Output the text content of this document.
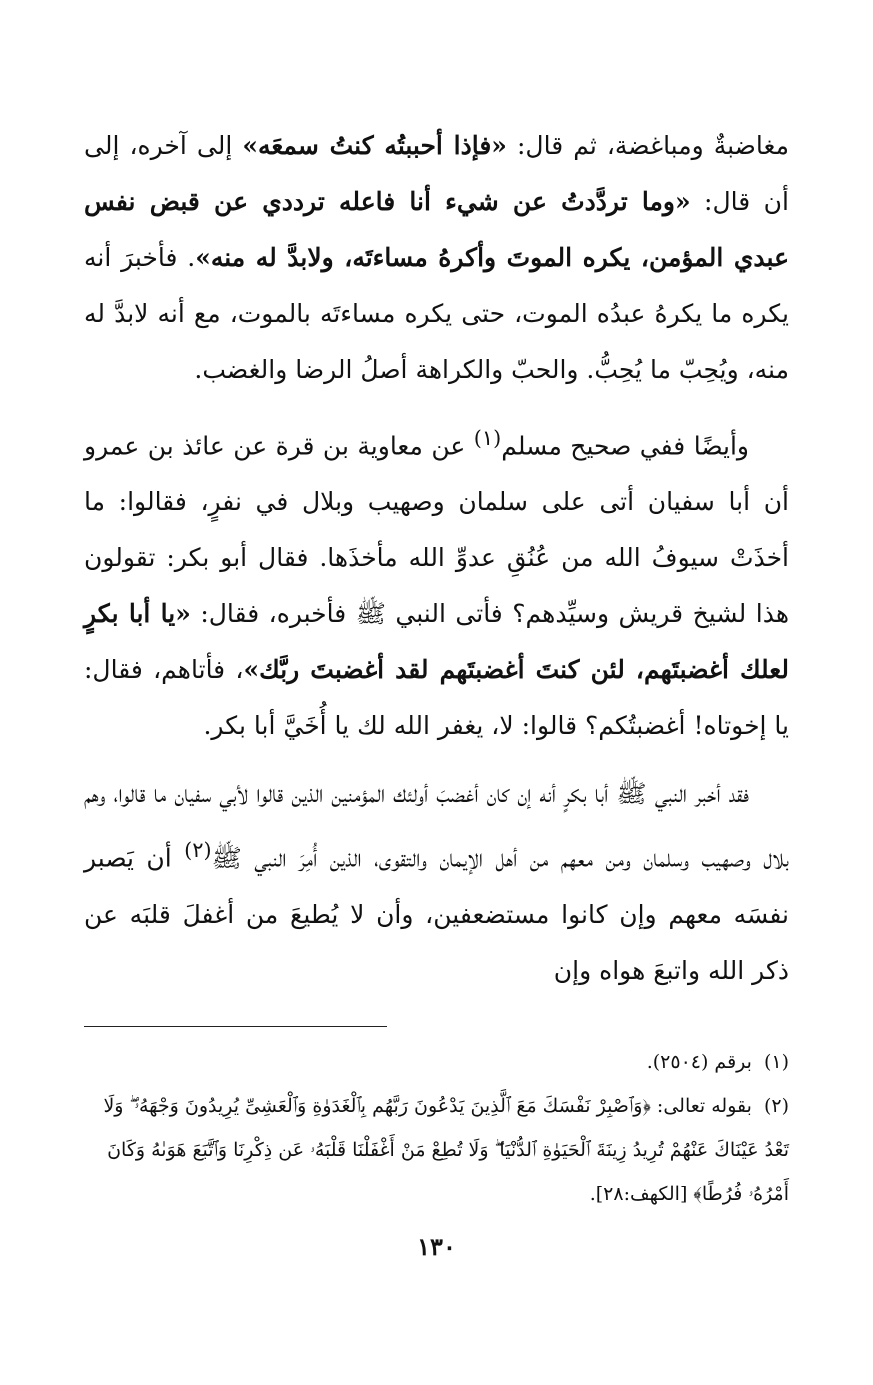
مغاضبةٌ ومباغضة، ثم قال: «فإذا أحببتُه كنتُ سمعَه» إلى آخره، إلى أن قال: «وما تردَّدتُ عن شيء أنا فاعله ترددي عن قبض نفس عبدي المؤمن، يكره الموتَ وأكرهُ مساءتَه، ولابدَّ له منه». فأخبرَ أنه يكره ما يكرهُ عبدُه الموت، حتى يكره مساءتَه بالموت، مع أنه لابدَّ له منه، ويُحِبّ ما يُحِبُّ. والحبّ والكراهة أصلُ الرضا والغضب.

وأيضًا ففي صحيح مسلم$^{(١)}$ عن معاوية بن قرة عن عائذ بن عمرو أن أبا سفيان أتى على سلمان وصهيب وبلال في نفرٍ، فقالوا: ما أخذَتْ سيوفُ الله من عُنُقِ عدوِّ الله مأخذَها. فقال أبو بكر: تقولون هذا لشيخ قريش وسيِّدهم؟ فأتى النبي ﷺ فأخبره، فقال: «يا أبا بكرٍ لعلك أغضبتَهم، لئن كنتَ أغضبتَهم لقد أغضبتَ ربَّك»، فأتاهم، فقال: يا إخوتاه! أغضبتُكم؟ قالوا: لا، يغفر الله لك يا أُخَيَّ أبا بكر.

فقد أخبر النبي ﷺ أبا بكرٍ أنه إن كان أغضبَ أولئك المؤمنين الذين قالوا لأبي سفيان ما قالوا، وهم بلال وصهيب وسلمان ومن معهم من أهل الإيمان والتقوى، الذين أُمِرَ النبي ﷺ$^{(٢)}$ أن يَصبر نفسَه معهم وإن كانوا مستضعفين، وأن لا يُطيعَ من أغفلَ قلبَه عن ذكر الله واتبعَ هواه وإن

(١)برقم (٢٥٠٤).

(٢)بقوله تعالى: ﴿وَٱصْبِرْ نَفْسَكَ مَعَ ٱلَّذِينَ يَدْعُونَ رَبَّهُم بِٱلْغَدَوٰةِ وَٱلْعَشِىِّ يُرِيدُونَ وَجْهَهُۥ ۖ وَلَا تَعْدُ عَيْنَاكَ عَنْهُمْ تُرِيدُ زِينَةَ ٱلْحَيَوٰةِ ٱلدُّنْيَا ۖ وَلَا تُطِعْ مَنْ أَغْفَلْنَا قَلْبَهُۥ عَن ذِكْرِنَا وَٱتَّبَعَ هَوَىٰهُ وَكَانَ أَمْرُهُۥ فُرُطًا﴾ [الكهف:٢٨].

١٣٠
